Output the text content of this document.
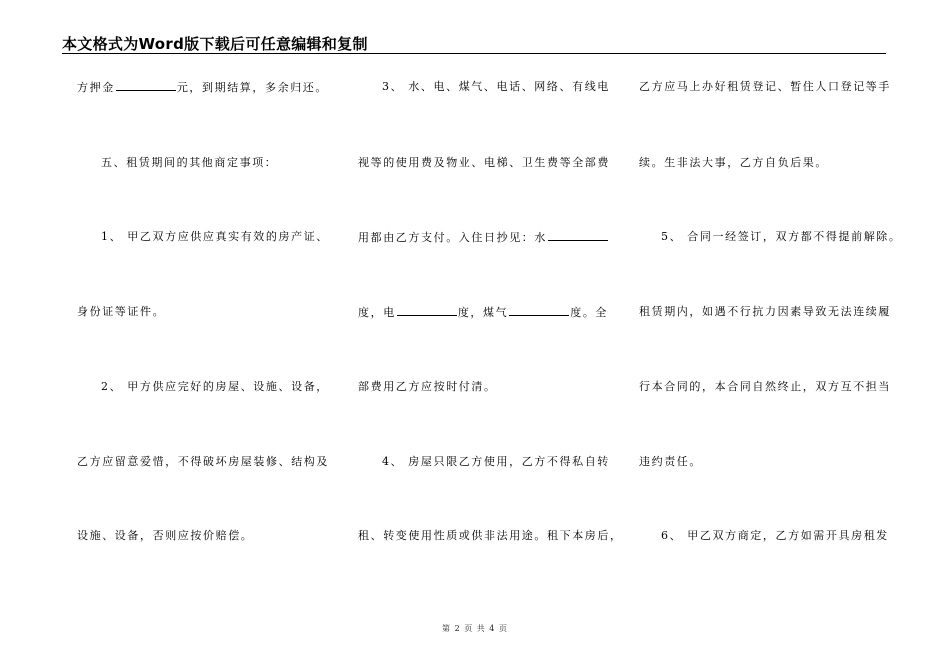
本文格式为Word版下载后可任意编辑和复制
方押金	元，到期结算，多余归还。
五、租赁期间的其他商定事项：
1、 甲乙双方应供应真实有效的房产证、
身份证等证件。
2、 甲方供应完好的房屋、设施、设备，
乙方应留意爱惜，不得破坏房屋装修、结构及
设施、设备，否则应按价赔偿。
3、 水、电、煤气、电话、网络、有线电
视等的使用费及物业、电梯、卫生费等全部费
用都由乙方支付。入住日抄见：水
度，电	度，煤气	度。全
部费用乙方应按时付清。
4、 房屋只限乙方使用，乙方不得私自转
租、转变使用性质或供非法用途。租下本房后，
乙方应马上办好租赁登记、暂住人口登记等手
续。生非法大事，乙方自负后果。
5、 合同一经签订，双方都不得提前解除。
租赁期内，如遇不行抗力因素导致无法连续履
行本合同的，本合同自然终止，双方互不担当
违约责任。
6、 甲乙双方商定，乙方如需开具房租发
第 2 页 共 4 页
